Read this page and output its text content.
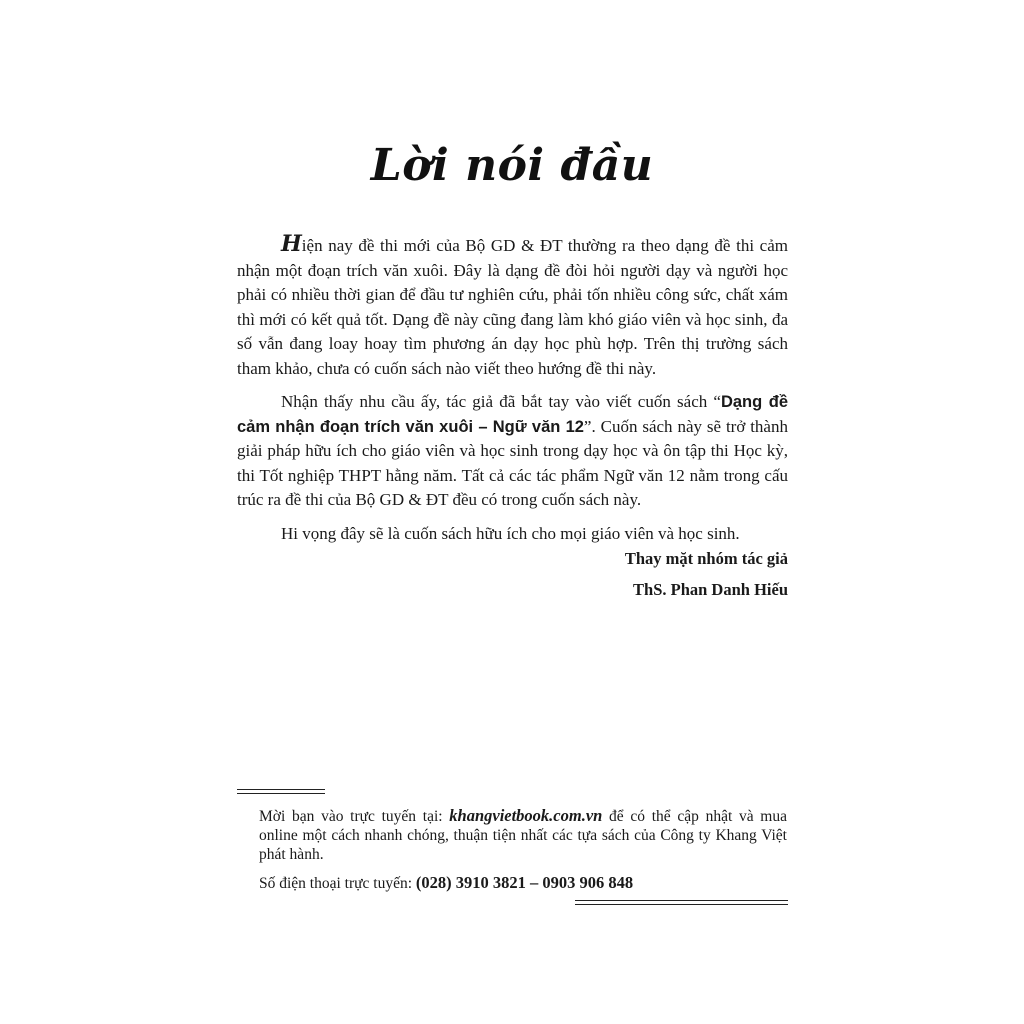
Lời nói đầu

Hiện nay đề thi mới của Bộ GD & ĐT thường ra theo dạng đề thi cảm nhận một đoạn trích văn xuôi. Đây là dạng đề đòi hỏi người dạy và người học phải có nhiều thời gian để đầu tư nghiên cứu, phải tốn nhiều công sức, chất xám thì mới có kết quả tốt. Dạng đề này cũng đang làm khó giáo viên và học sinh, đa số vẫn đang loay hoay tìm phương án dạy học phù hợp. Trên thị trường sách tham khảo, chưa có cuốn sách nào viết theo hướng đề thi này.

Nhận thấy nhu cầu ấy, tác giả đã bắt tay vào viết cuốn sách “Dạng đề cảm nhận đoạn trích văn xuôi – Ngữ văn 12”. Cuốn sách này sẽ trở thành giải pháp hữu ích cho giáo viên và học sinh trong dạy học và ôn tập thi Học kỳ, thi Tốt nghiệp THPT hằng năm. Tất cả các tác phẩm Ngữ văn 12 nằm trong cấu trúc ra đề thi của Bộ GD & ĐT đều có trong cuốn sách này.

Hi vọng đây sẽ là cuốn sách hữu ích cho mọi giáo viên và học sinh.

Thay mặt nhóm tác giả
ThS. Phan Danh Hiếu

Mời bạn vào trực tuyến tại: khangvietbook.com.vn để có thể cập nhật và mua online một cách nhanh chóng, thuận tiện nhất các tựa sách của Công ty Khang Việt phát hành.

Số điện thoại trực tuyến: (028) 3910 3821 – 0903 906 848
